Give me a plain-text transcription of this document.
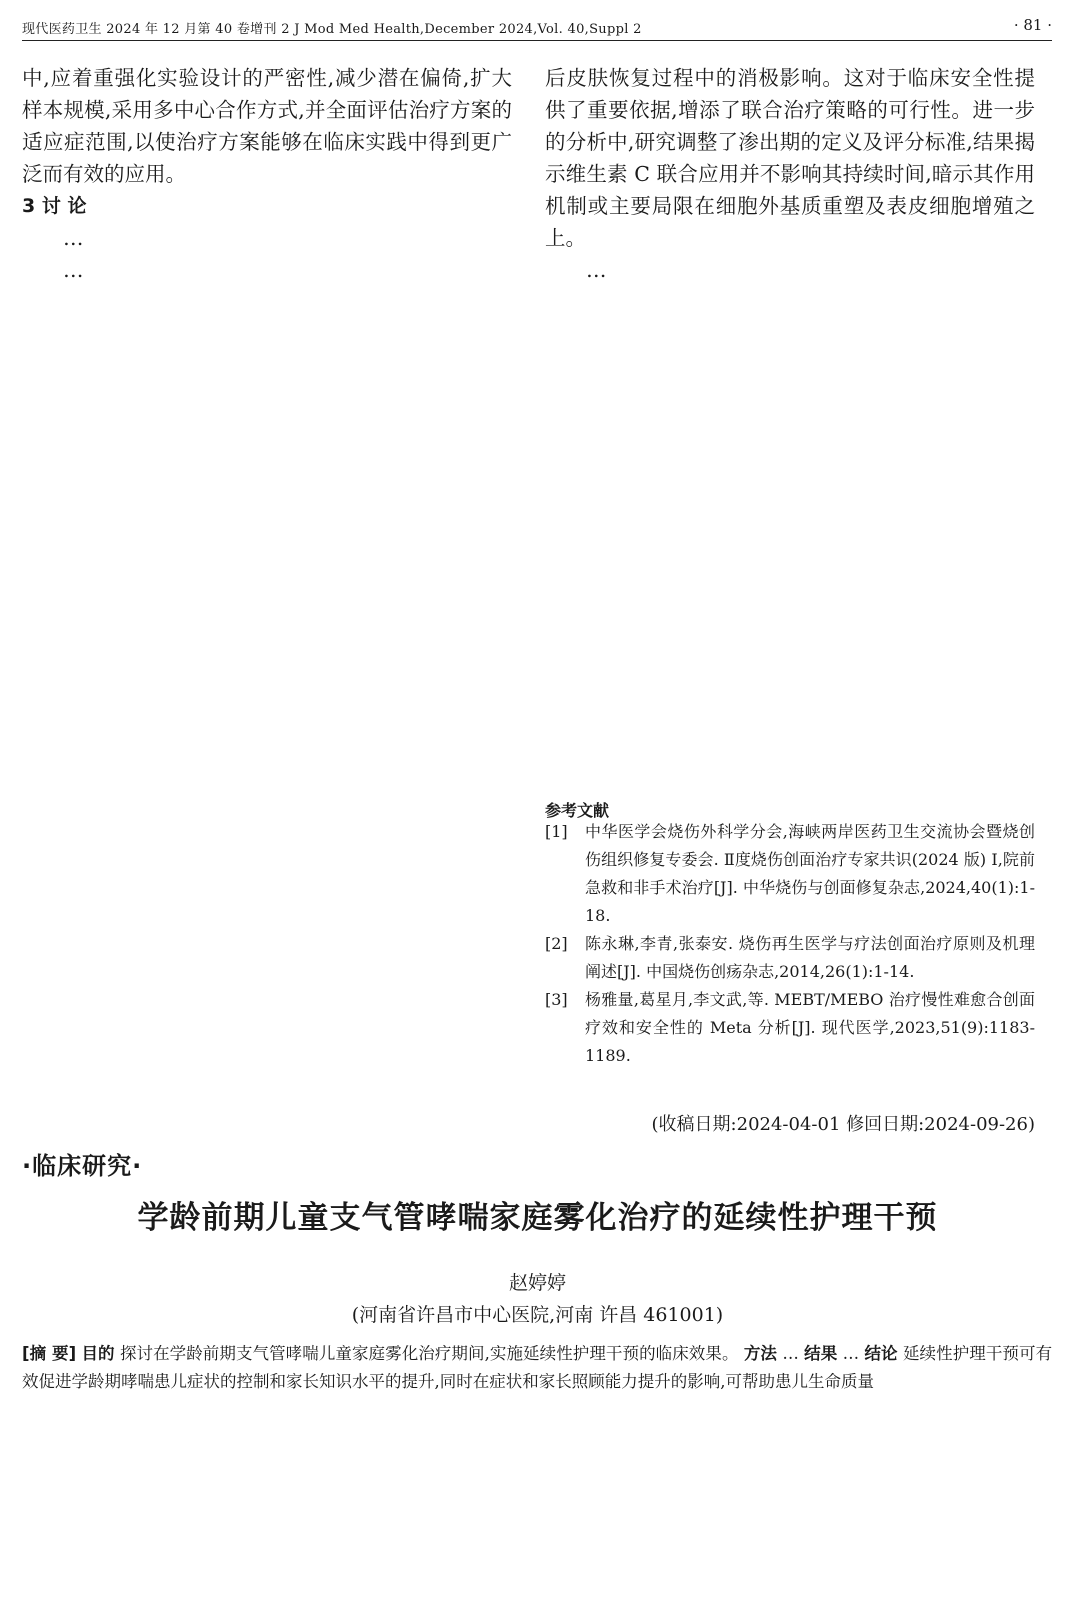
现代医药卫生 2024 年 12 月第 40 卷增刊 2 J Mod Med Health,December 2024,Vol. 40,Suppl 2	· 81 ·

中,应着重强化实验设计的严密性,减少潜在偏倚,扩大样本规模,采用多中心合作方式,并全面评估治疗方案的适应症范围,以使治疗方案能够在临床实践中得到更广泛而有效的应用。

3 讨 论

…

…

后皮肤恢复过程中的消极影响。这对于临床安全性提供了重要依据,增添了联合治疗策略的可行性。进一步的分析中,研究调整了渗出期的定义及评分标准,结果揭示维生素 C 联合应用并不影响其持续时间,暗示其作用机制或主要局限在细胞外基质重塑及表皮细胞增殖之上。

…

参考文献

[1] 中华医学会烧伤外科学分会,海峡两岸医药卫生交流协会暨烧创伤组织修复专委会. Ⅱ度烧伤创面治疗专家共识(2024 版) Ⅰ,院前急救和非手术治疗[J]. 中华烧伤与创面修复杂志,2024,40(1):1-18.

[2] 陈永琳,李青,张泰安. 烧伤再生医学与疗法创面治疗原则及机理阐述[J]. 中国烧伤创疡杂志,2014,26(1):1-14.

[3] 杨雅量,葛星月,李文武,等. MEBT/MEBO 治疗慢性难愈合创面疗效和安全性的 Meta 分析[J]. 现代医学,2023,51(9):1183-1189.

(收稿日期:2024-04-01 修回日期:2024-09-26)
·临床研究·
学龄前期儿童支气管哮喘家庭雾化治疗的延续性护理干预
赵婷婷
(河南省许昌市中心医院,河南 许昌 461001)
[摘 要] 目的 探讨在学龄前期支气管哮喘儿童家庭雾化治疗期间,实施延续性护理干预的临床效果。 方法 … 结果 … 结论 延续性护理干预可有效促进学龄期哮喘患儿症状的控制和家长知识水平的提升,同时在症状和家长照顾能力提升的影响,可帮助患儿生命质量
